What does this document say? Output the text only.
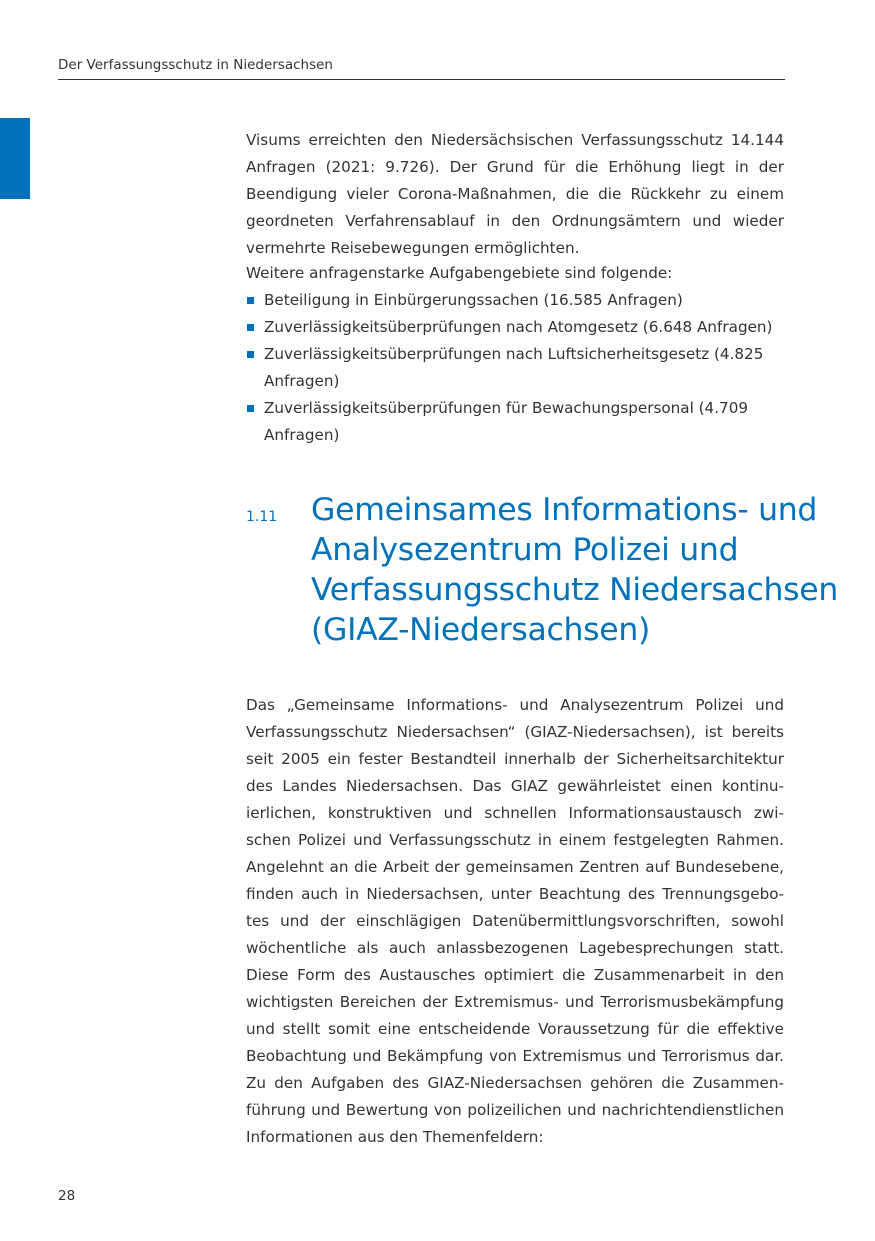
Der Verfassungsschutz in Niedersachsen

Visums erreichten den Niedersächsischen Verfassungsschutz 14.144 Anfragen (2021: 9.726). Der Grund für die Erhöhung liegt in der Beendigung vieler Corona-Maßnahmen, die die Rückkehr zu einem geordneten Verfahrensablauf in den Ordnungsämtern und wieder vermehrte Reisebewegungen ermöglichten.

Weitere anfragenstarke Aufgabengebiete sind folgende:

Beteiligung in Einbürgerungssachen (16.585 Anfragen)
Zuverlässigkeitsüberprüfungen nach Atomgesetz (6.648 Anfragen)
Zuverlässigkeitsüberprüfungen nach Luftsicherheitsgesetz (4.825 Anfragen)
Zuverlässigkeitsüberprüfungen für Bewachungspersonal (4.709 Anfragen)
1.11 Gemeinsames Informations- und
Analysezentrum Polizei und
Verfassungsschutz Niedersachsen
(GIAZ-Niedersachsen)

Das „Gemeinsame Informations- und Analysezentrum Polizei und Verfassungsschutz Niedersachsen“ (GIAZ-Niedersachsen), ist bereits seit 2005 ein fester Bestandteil innerhalb der Sicherheitsarchitektur des Landes Niedersachsen. Das GIAZ gewährleistet einen kontinuierlichen, konstruktiven und schnellen Informationsaustausch zwischen Polizei und Verfassungsschutz in einem festgelegten Rahmen. Angelehnt an die Arbeit der gemeinsamen Zentren auf Bundesebene, finden auch in Niedersachsen, unter Beachtung des Trennungsgebotes und der einschlägigen Datenübermittlungsvorschriften, sowohl wöchentliche als auch anlassbezogenen Lagebesprechungen statt. Diese Form des Austausches optimiert die Zusammenarbeit in den wichtigsten Bereichen der Extremismus- und Terrorismusbekämpfung und stellt somit eine entscheidende Voraussetzung für die effektive Beobachtung und Bekämpfung von Extremismus und Terrorismus dar. Zu den Aufgaben des GIAZ-Niedersachsen gehören die Zusammenführung und Bewertung von polizeilichen und nachrichtendienstlichen Informationen aus den Themenfeldern:

28
